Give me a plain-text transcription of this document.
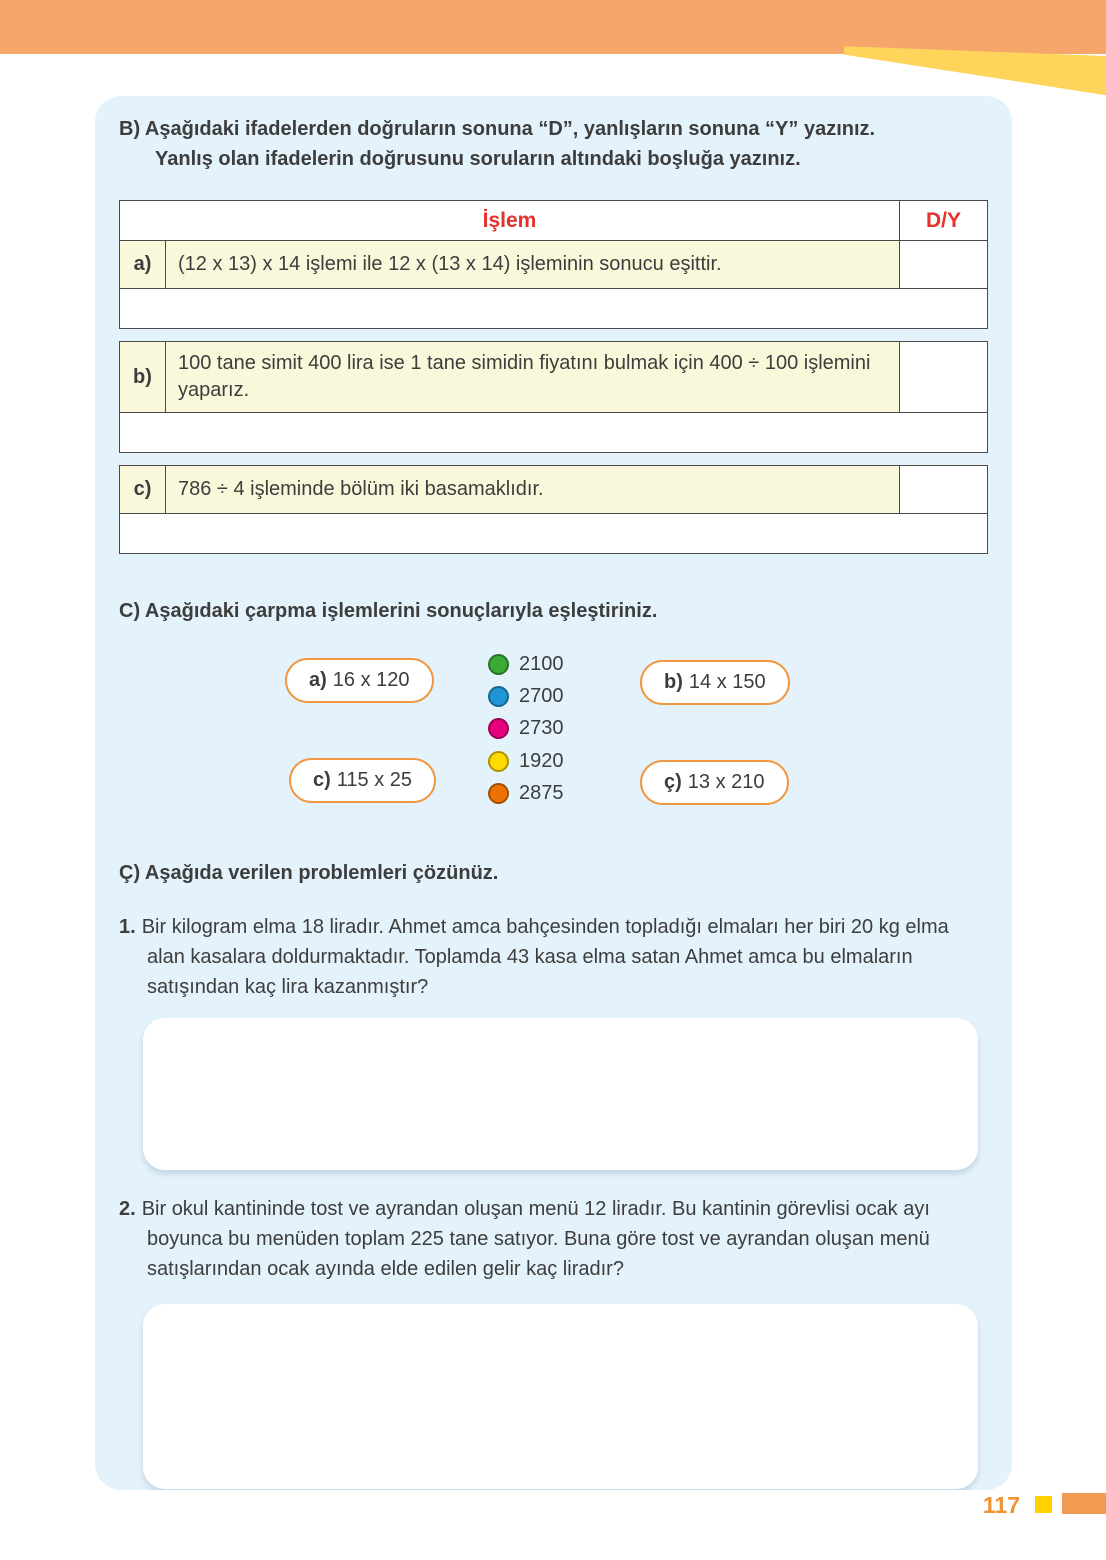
B) Aşağıdaki ifadelerden doğruların sonuna “D”, yanlışların sonuna “Y” yazınız.
Yanlış olan ifadelerin doğrusunu soruların altındaki boşluğa yazınız.
İşlem		D/Y
a)	(12 x 13) x 14 işlemi ile 12 x (13 x 14) işleminin sonucu eşittir.	

b)	100 tane simit 400 lira ise 1 tane simidin fiyatını bulmak için 400 ÷ 100 işlemini yaparız.	

c)	786 ÷ 4 işleminde bölüm iki basamaklıdır.	

C) Aşağıdaki çarpma işlemlerini sonuçlarıyla eşleştiriniz.
a) 16 x 120
c) 115 x 25
2100
2700
2730
1920
2875
b) 14 x 150
ç) 13 x 210
Ç) Aşağıda verilen problemleri çözünüz.
1. Bir kilogram elma 18 liradır. Ahmet amca bahçesinden topladığı elmaları her biri 20 kg elma alan kasalara doldurmaktadır. Toplamda 43 kasa elma satan Ahmet amca bu elmaların satışından kaç lira kazanmıştır?
2. Bir okul kantininde tost ve ayrandan oluşan menü 12 liradır. Bu kantinin görevlisi ocak ayı boyunca bu menüden toplam 225 tane satıyor. Buna göre tost ve ayrandan oluşan menü satışlarından ocak ayında elde edilen gelir kaç liradır?
117
